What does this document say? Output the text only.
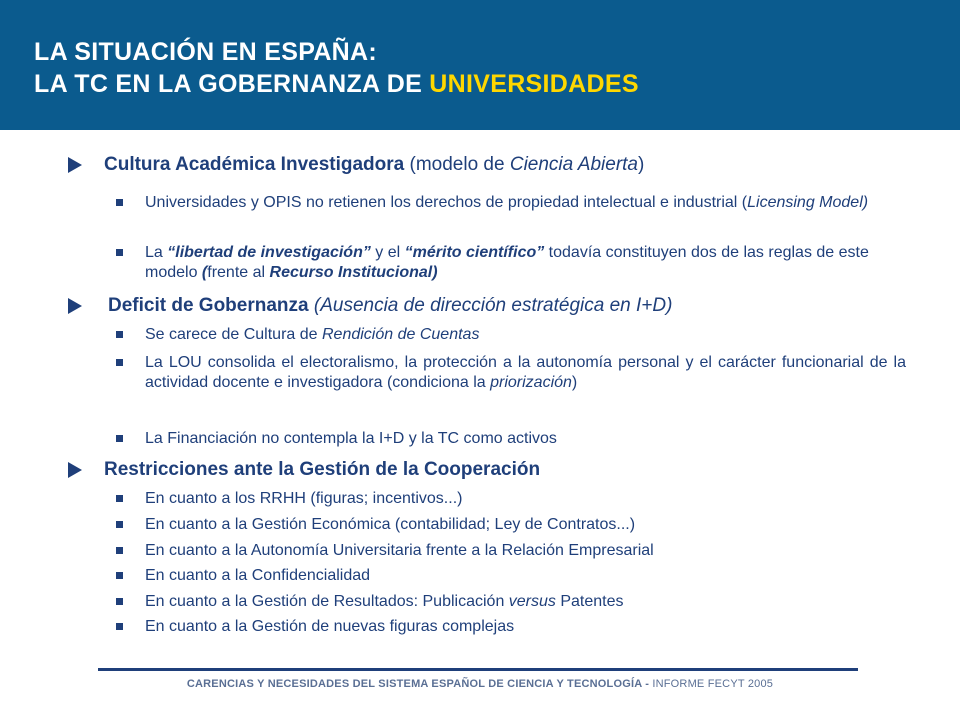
LA SITUACIÓN EN ESPAÑA:
LA TC EN LA GOBERNANZA DE UNIVERSIDADES
Cultura Académica Investigadora (modelo de Ciencia Abierta)
Universidades y OPIS no retienen los derechos de propiedad intelectual e industrial (Licensing Model)
La “libertad de investigación” y el “mérito científico” todavía constituyen dos de las reglas de este modelo (frente al Recurso Institucional)
Deficit de Gobernanza (Ausencia de dirección estratégica en I+D)
Se carece de Cultura de Rendición de Cuentas
La LOU consolida el electoralismo, la protección a la autonomía personal y el carácter funcionarial de la actividad docente e investigadora (condiciona la priorización)
La Financiación no contempla la I+D y la TC como activos
Restricciones ante la Gestión de la Cooperación
En cuanto a los RRHH (figuras; incentivos...)
En cuanto a la Gestión Económica (contabilidad; Ley de Contratos...)
En cuanto a la Autonomía Universitaria frente a la Relación Empresarial
En cuanto a la Confidencialidad
En cuanto a la Gestión de Resultados: Publicación versus Patentes
En cuanto a la Gestión de nuevas figuras complejas
CARENCIAS Y NECESIDADES DEL SISTEMA ESPAÑOL DE CIENCIA Y TECNOLOGÍA - INFORME FECYT 2005
